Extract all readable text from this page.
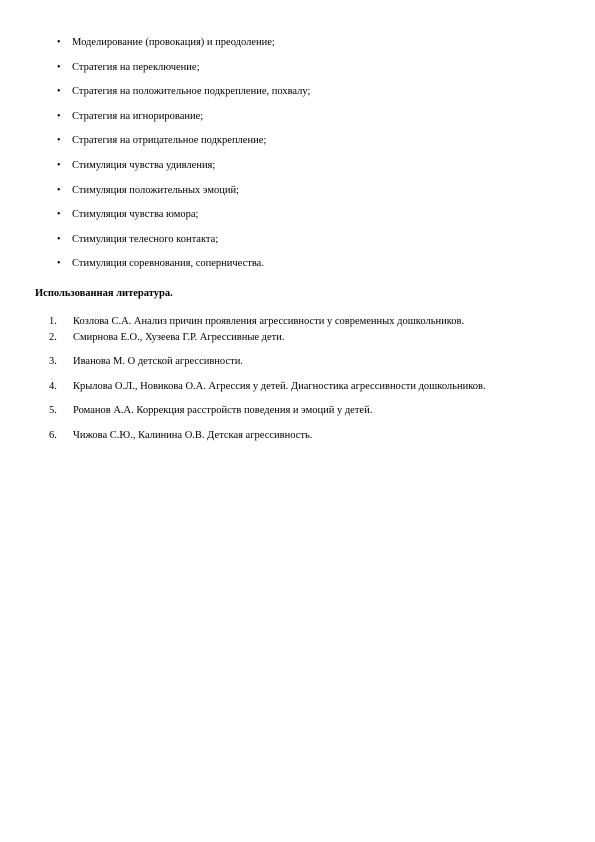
• Моделирование (провокация) и преодоление;
• Стратегия на переключение;
• Стратегия на положительное подкрепление, похвалу;
• Стратегия на игнорирование;
• Стратегия на отрицательное подкрепление;
• Стимуляция чувства удивления;
• Стимуляция положительных эмоций;
• Стимуляция чувства юмора;
• Стимуляция телесного контакта;
• Стимуляция соревнования, соперничества.
Использованная литература.
1. Козлова С.А. Анализ причин проявления агрессивности у современных дошкольников.
2. Смирнова Е.О., Хузеева Г.Р. Агрессивные дети.
3. Иванова М. О детской агрессивности.
4. Крылова О.Л., Новикова О.А. Агрессия у детей. Диагностика агрессивности дошкольников.
5. Романов А.А. Коррекция расстройств поведения и эмоций у детей.
6. Чижова С.Ю., Калинина О.В. Детская агрессивность.
